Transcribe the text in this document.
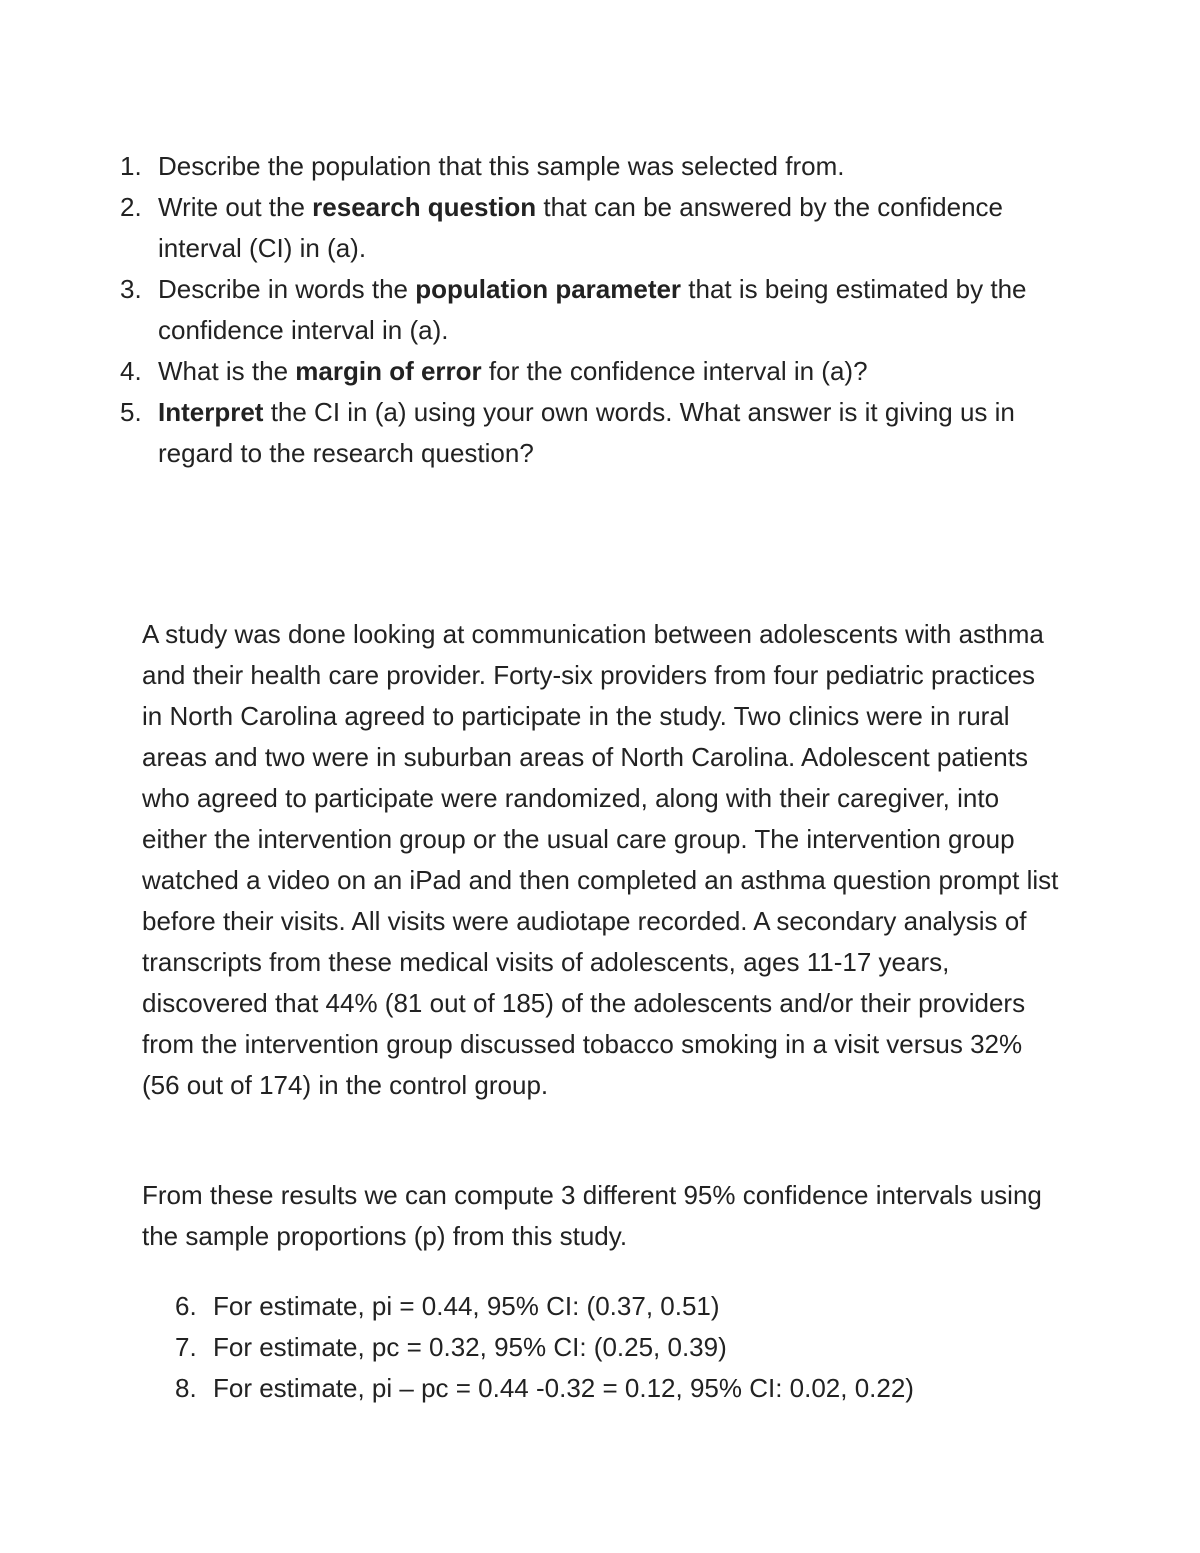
1. Describe the population that this sample was selected from.
2. Write out the research question that can be answered by the confidence interval (CI) in (a).
3. Describe in words the population parameter that is being estimated by the confidence interval in (a).
4. What is the margin of error for the confidence interval in (a)?
5. Interpret the CI in (a) using your own words. What answer is it giving us in regard to the research question?

A study was done looking at communication between adolescents with asthma and their health care provider. Forty-six providers from four pediatric practices in North Carolina agreed to participate in the study. Two clinics were in rural areas and two were in suburban areas of North Carolina. Adolescent patients who agreed to participate were randomized, along with their caregiver, into either the intervention group or the usual care group. The intervention group watched a video on an iPad and then completed an asthma question prompt list before their visits. All visits were audiotape recorded. A secondary analysis of transcripts from these medical visits of adolescents, ages 11-17 years, discovered that 44% (81 out of 185) of the adolescents and/or their providers from the intervention group discussed tobacco smoking in a visit versus 32% (56 out of 174) in the control group.

From these results we can compute 3 different 95% confidence intervals using the sample proportions (p) from this study.

6. For estimate, pi = 0.44, 95% CI: (0.37, 0.51)
7. For estimate, pc = 0.32, 95% CI: (0.25, 0.39)
8. For estimate, pi – pc = 0.44 -0.32 = 0.12, 95% CI: 0.02, 0.22)
